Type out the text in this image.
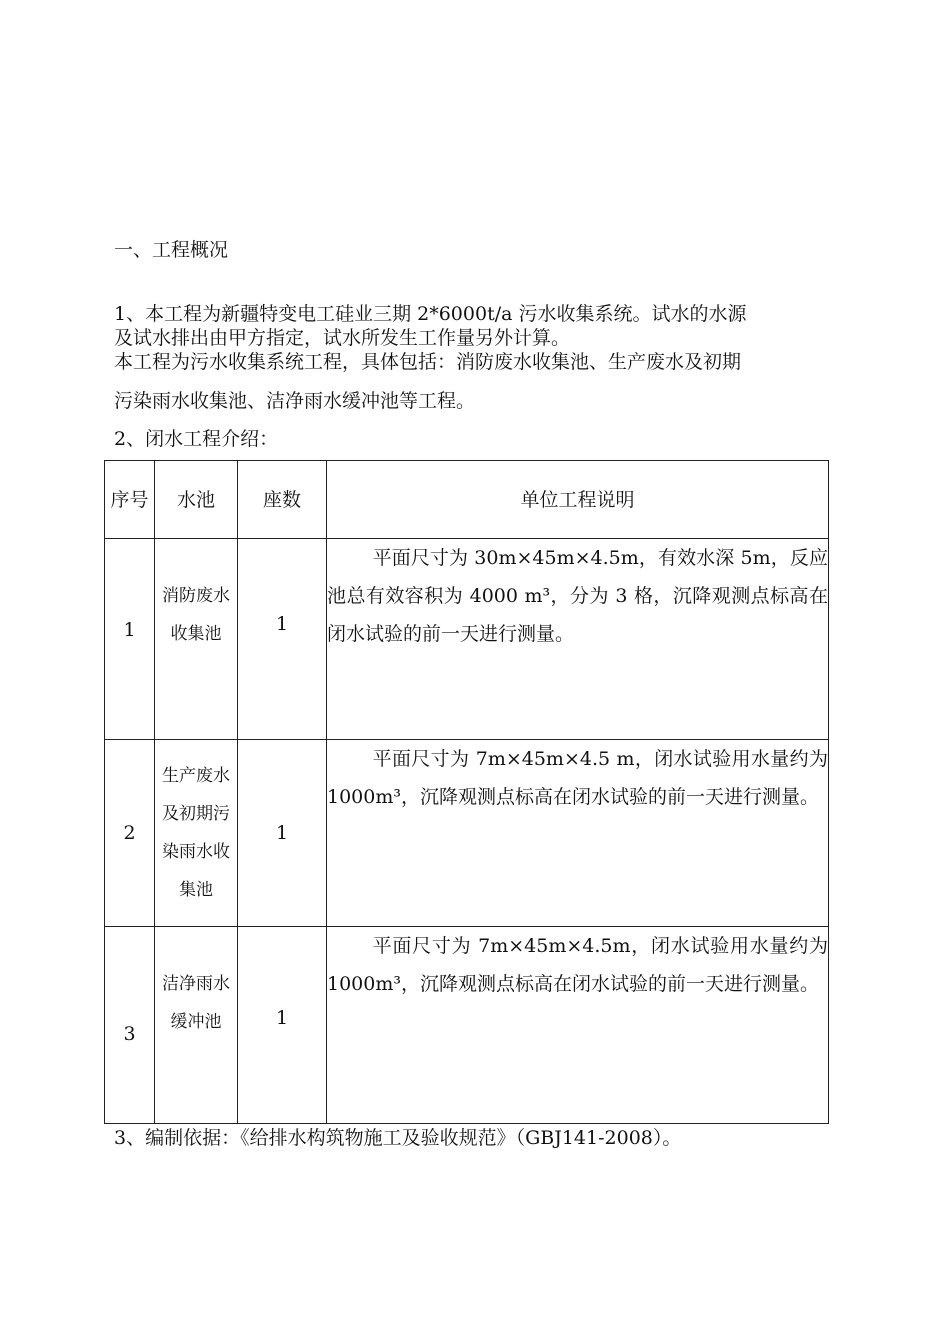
一、工程概况
1、本工程为新疆特变电工硅业三期 2*6000t/a 污水收集系统。试水的水源
及试水排出由甲方指定，试水所发生工作量另外计算。
本工程为污水收集系统工程，具体包括：消防废水收集池、生产废水及初期
污染雨水收集池、洁净雨水缓冲池等工程。
2、闭水工程介绍：
序号	水池	座数	单位工程说明
1	消防废水收集池	1	平面尺寸为 30m×45m×4.5m，有效水深 5m，反应池总有效容积为 4000 m³，分为 3 格，沉降观测点标高在闭水试验的前一天进行测量。
2	生产废水及初期污染雨水收集池	1	平面尺寸为 7m×45m×4.5 m，闭水试验用水量约为 1000m³，沉降观测点标高在闭水试验的前一天进行测量。
3	洁净雨水缓冲池	1	平面尺寸为 7m×45m×4.5m，闭水试验用水量约为 1000m³，沉降观测点标高在闭水试验的前一天进行测量。
3、编制依据：《给排水构筑物施工及验收规范》（GBJ141-2008）。
